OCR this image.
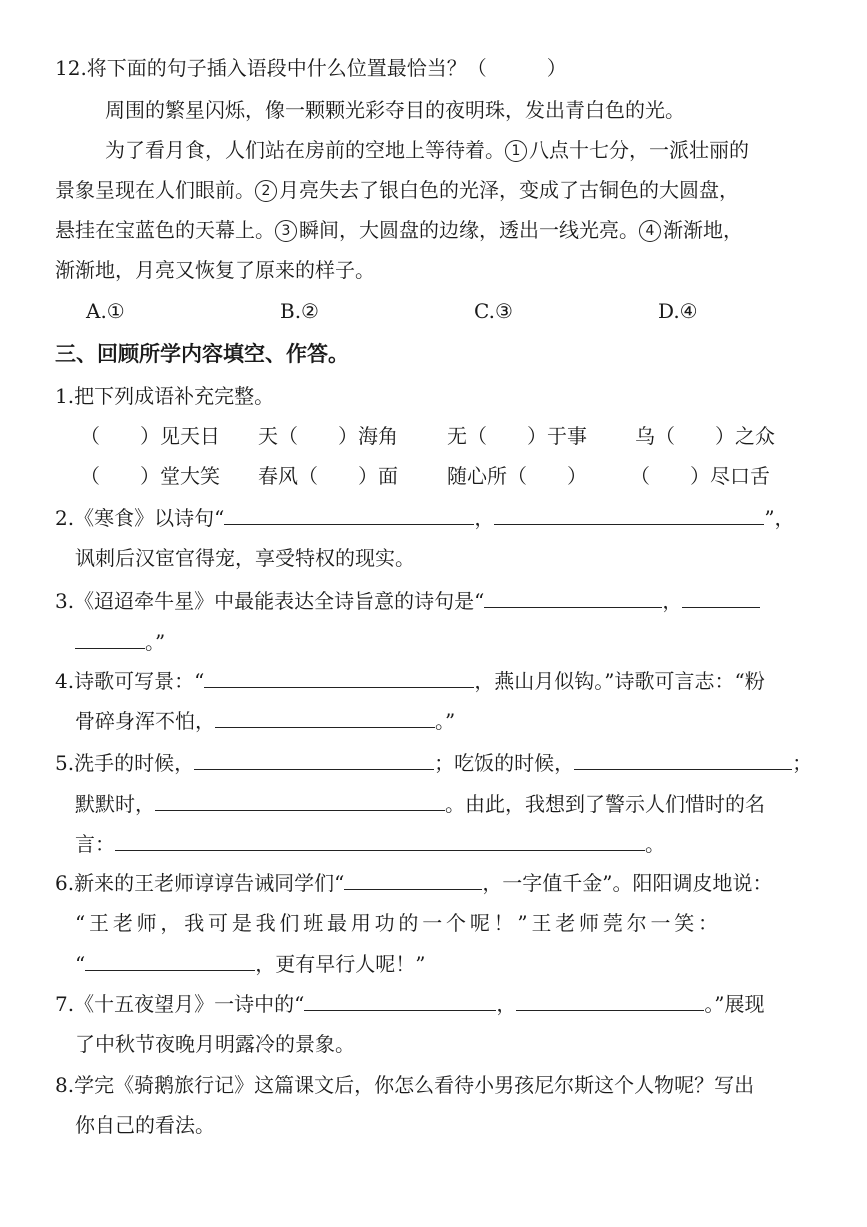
12.将下面的句子插入语段中什么位置最恰当？（　　　）
周围的繁星闪烁，像一颗颗光彩夺目的夜明珠，发出青白色的光。
为了看月食，人们站在房前的空地上等待着。 1 八点十七分，一派壮丽的
景象呈现在人们眼前。 2 月亮失去了银白色的光泽，变成了古铜色的大圆盘，
悬挂在宝蓝色的天幕上。 3 瞬间，大圆盘的边缘，透出一线光亮。 4 渐渐地，
渐渐地，月亮又恢复了原来的样子。
A.①	B.②	C.③	D.④
三、回顾所学内容填空、作答。
1.把下列成语补充完整。
（　　）见天日 天（　　）海角 无（　　）于事 乌（　　）之众
（　　）堂大笑 春风（　　）面 随心所（　　） （　　）尽口舌
2.《寒食》以诗句“	，	”，
讽刺后汉宦官得宠，享受特权的现实。
3.《迢迢牵牛星》中最能表达全诗旨意的诗句是“	，
。”
4.诗歌可写景：“	，燕山月似钩。”诗歌可言志：“粉
骨碎身浑不怕，	。”
5.洗手的时候，	；吃饭的时候，	；
默默时，	。由此，我想到了警示人们惜时的名
言：	。
6.新来的王老师谆谆告诫同学们“	，一字值千金”。阳阳调皮地说：
“王老师，我可是我们班最用功的一个呢！”王老师莞尔一笑：
“	，更有早行人呢！”
7.《十五夜望月》一诗中的“	，	。”展现
了中秋节夜晚月明露冷的景象。
8.学完《骑鹅旅行记》这篇课文后，你怎么看待小男孩尼尔斯这个人物呢？写出
你自己的看法。
